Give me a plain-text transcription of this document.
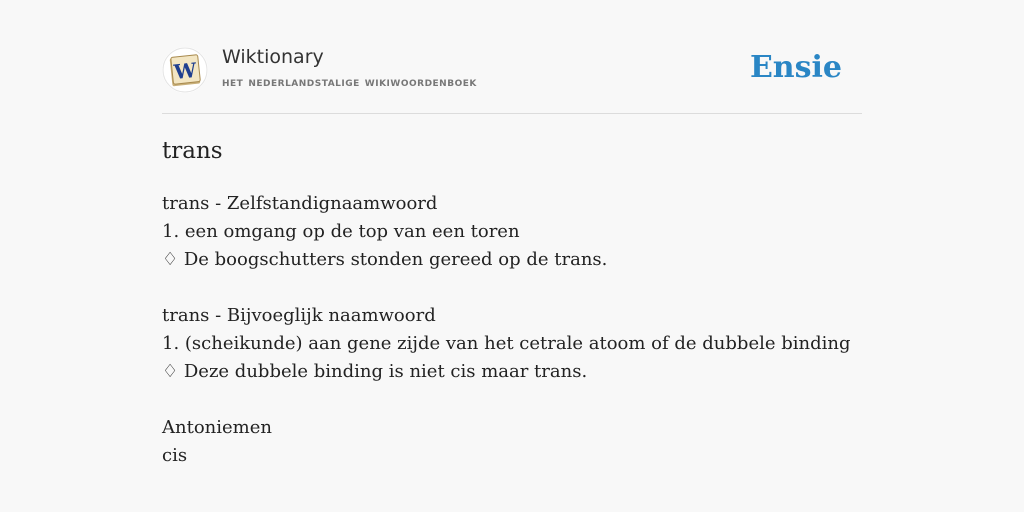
W
Wiktionary
het nederlandstalige wikiwoordenboek	Ensie
trans
trans - Zelfstandignaamwoord
1. een omgang op de top van een toren
♢ De boogschutters stonden gereed op de trans.
trans - Bijvoeglijk naamwoord
1. (scheikunde) aan gene zijde van het cetrale atoom of de dubbele binding
♢ Deze dubbele binding is niet cis maar trans.
Antoniemen
cis
